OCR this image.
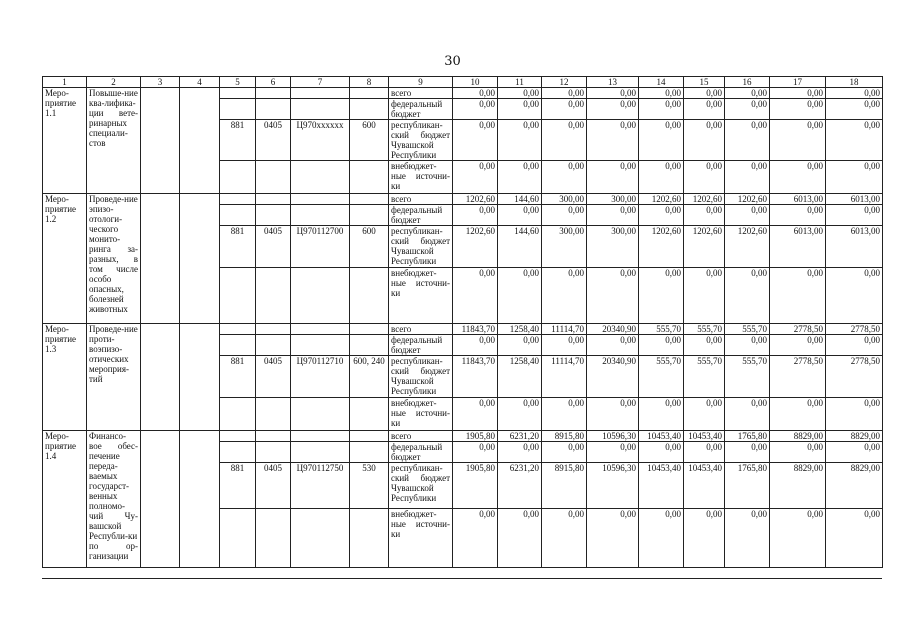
30
1	2	3	4	5	6	7	8	9	10	11	12	13	14	15	16	17	18
Меро-приятие 1.1	Повыше-ние ква-лифика-ции вете-ринарных специали-стов							всего	0,00	0,00	0,00	0,00	0,00	0,00	0,00	0,00	0,00
								федеральный бюджет	0,00	0,00	0,00	0,00	0,00	0,00	0,00	0,00	0,00
				881	0405	Ц970xxxxxx	600	республикан-ский бюджет Чувашской Республики	0,00	0,00	0,00	0,00	0,00	0,00	0,00	0,00	0,00
								внебюджет-ные источни-ки	0,00	0,00	0,00	0,00	0,00	0,00	0,00	0,00	0,00
Меро-приятие 1.2	Проведе-ние эпизо-отологи-ческого монито-ринга за-разных, в том числе особо опасных, болезней животных							всего	1202,60	144,60	300,00	300,00	1202,60	1202,60	1202,60	6013,00	6013,00
								федеральный бюджет	0,00	0,00	0,00	0,00	0,00	0,00	0,00	0,00	0,00
				881	0405	Ц970112700	600	республикан-ский бюджет Чувашской Республики	1202,60	144,60	300,00	300,00	1202,60	1202,60	1202,60	6013,00	6013,00
								внебюджет-ные источни-ки	0,00	0,00	0,00	0,00	0,00	0,00	0,00	0,00	0,00
Меро-приятие 1.3	Проведе-ние проти-воэпизо-отических мероприя-тий							всего	11843,70	1258,40	11114,70	20340,90	555,70	555,70	555,70	2778,50	2778,50
								федеральный бюджет	0,00	0,00	0,00	0,00	0,00	0,00	0,00	0,00	0,00
				881	0405	Ц970112710	600, 240	республикан-ский бюджет Чувашской Республики	11843,70	1258,40	11114,70	20340,90	555,70	555,70	555,70	2778,50	2778,50
								внебюджет-ные источни-ки	0,00	0,00	0,00	0,00	0,00	0,00	0,00	0,00	0,00
Меро-приятие 1.4	Финансо-вое обес-печение переда-ваемых государст-венных полномо-чий Чу-вашской Республи-ки по ор-ганизации							всего	1905,80	6231,20	8915,80	10596,30	10453,40	10453,40	1765,80	8829,00	8829,00
								федеральный бюджет	0,00	0,00	0,00	0,00	0,00	0,00	0,00	0,00	0,00
				881	0405	Ц970112750	530	республикан-ский бюджет Чувашской Республики	1905,80	6231,20	8915,80	10596,30	10453,40	10453,40	1765,80	8829,00	8829,00
								внебюджет-ные источни-ки	0,00	0,00	0,00	0,00	0,00	0,00	0,00	0,00	0,00
